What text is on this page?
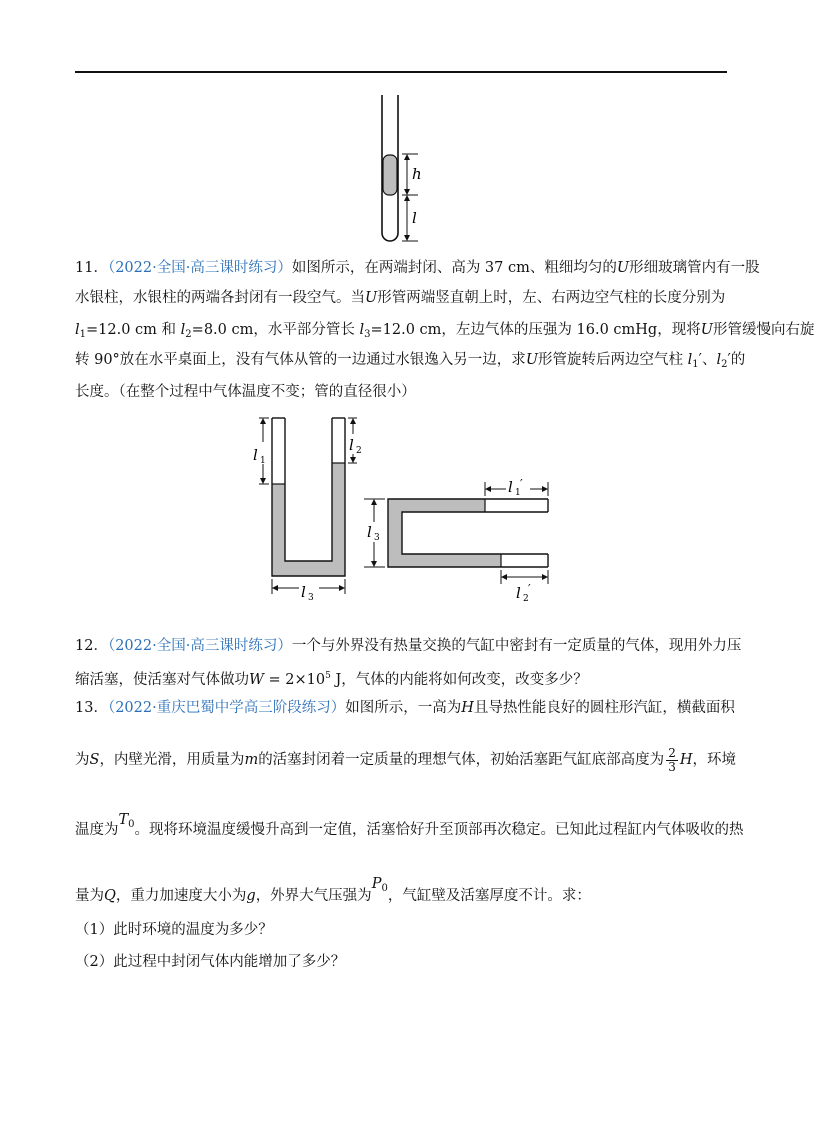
h
l
11．（2022·全国·高三课时练习）如图所示，在两端封闭、高为 37 cm、粗细均匀的U形细玻璃管内有一股
水银柱，水银柱的两端各封闭有一段空气。当U形管两端竖直朝上时，左、右两边空气柱的长度分别为
$l_1=12.0$ cm 和 $l_2=8.0$ cm，水平部分管长 $l_3=12.0$ cm，左边气体的压强为 16.0 cmHg，现将U形管缓慢向右旋
转 90°放在水平桌面上，没有气体从管的一边通过水银逸入另一边，求U形管旋转后两边空气柱 $l_1'$、$l_2'$的
长度。（在整个过程中气体温度不变；管的直径很小）
l 1
l 2
l 3
l 1
′
l 2
′
l 3
12．（2022·全国·高三课时练习）一个与外界没有热量交换的气缸中密封有一定质量的气体，现用外力压
缩活塞，使活塞对气体做功$W = 2\times 10^5$ J，气体的内能将如何改变，改变多少？
13．（2022·重庆巴蜀中学高三阶段练习）如图所示，一高为H且导热性能良好的圆柱形汽缸，横截面积
为S，内壁光滑，用质量为m的活塞封闭着一定质量的理想气体，初始活塞距气缸底部高度为 $\frac{2}{3}$ H，环境
温度为$T^0$。现将环境温度缓慢升高到一定值，活塞恰好升至顶部再次稳定。已知此过程缸内气体吸收的热
量为Q，重力加速度大小为g，外界大气压强为$P^0$，气缸壁及活塞厚度不计。求：
（1）此时环境的温度为多少？
（2）此过程中封闭气体内能增加了多少？
